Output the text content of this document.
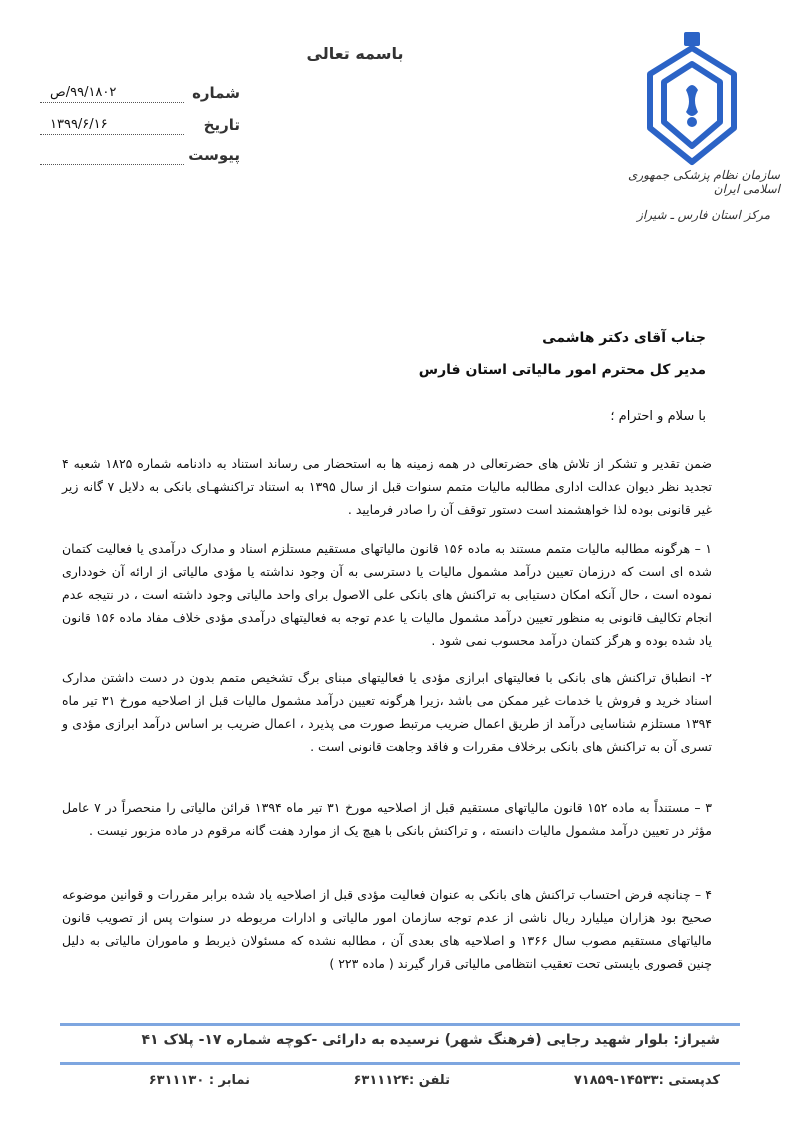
باسمه تعالی
شماره
۹۹/۱۸۰۲/ص
تاریخ
۱۳۹۹/۶/۱۶
پیوست
سازمان نظام پزشکی جمهوری اسلامی ایران
مرکز استان فارس ـ شیراز
جناب آقای دکتر هاشمی
مدیر کل محترم امور مالیاتی استان فارس
با سلام و احترام ؛
ضمن تقدیر و تشکر از تلاش های حضرتعالی در همه زمینه ها به استحضار می رساند استناد به دادنامه شماره ۱۸۲۵ شعبه ۴ تجدید نظر دیوان عدالت اداری مطالبه مالیات متمم سنوات قبل از سال ۱۳۹۵ به استناد تراکنشهـای بانکی به دلایل ۷ گانه زیر غیر قانونی بوده لذا خواهشمند است دستور توقف آن را صادر فرمایید .
۱ – هرگونه مطالبه مالیات متمم مستند به ماده ۱۵۶ قانون مالیاتهای مستقیم مستلزم اسناد و مدارک درآمدی یا فعالیت کتمان شده ای است که درزمان تعیین درآمد مشمول مالیات یا دسترسی به آن وجود نداشته یا مؤدی مالیاتی از ارائه آن خودداری نموده است ، حال آنکه امکان دستیابی به تراکنش های بانکی علی الاصول برای واحد مالیاتی وجود داشته است ، در نتیجه عدم انجام تکالیف قانونی به منظور تعیین درآمد مشمول مالیات یا عدم توجه به فعالیتهای درآمدی مؤدی خلاف مفاد ماده ۱۵۶ قانون یاد شده بوده و هرگز کتمان درآمد محسوب نمی شود .
۲- انطباق تراکنش های بانکی با فعالیتهای ابرازی مؤدی یا فعالیتهای مبنای برگ تشخیص متمم بدون در دست داشتن مدارک اسناد خرید و فروش یا خدمات غیر ممکن می باشد ،زیرا هرگونه تعیین درآمد مشمول مالیات قبل از اصلاحیه مورخ ۳۱ تیر ماه ۱۳۹۴ مستلزم شناسایی درآمد از طریق اعمال ضریب مرتبط صورت می پذیرد ، اعمال ضریب بر اساس درآمد ابرازی مؤدی و تسری آن به تراکنش های بانکی برخلاف مقررات و فاقد وجاهت قانونی است .
۳ – مستنداً به ماده ۱۵۲ قانون مالیاتهای مستقیم قبل از اصلاحیه مورخ ۳۱ تیر ماه ۱۳۹۴ قرائن مالیاتی را منحصراً در ۷ عامل مؤثر در تعیین درآمد مشمول مالیات دانسته ، و تراکنش بانکی با هیچ یک از موارد هفت گانه مرقوم در ماده مزبور نیست .
۴ – چنانچه فرض احتساب تراکنش های بانکی به عنوان فعالیت مؤدی قبل از اصلاحیه یاد شده برابر مقررات و قوانین موضوعه صحیح بود هزاران میلیارد ریال ناشی از عدم توجه سازمان امور مالیاتی و ادارات مربوطه در سنوات پس از تصویب قانون مالیاتهای مستقیم مصوب سال ۱۳۶۶ و اصلاحیه های بعدی آن ، مطالبه نشده که مسئولان ذیربط و ماموران مالیاتی به دلیل چنین قصوری بایستی تحت تعقیب انتظامی مالیاتی قرار گیرند ( ماده ۲۲۳ )
شیراز: بلوار شهید رجایی (فرهنگ شهر) نرسیده به دارائی -کوچه شماره ۱۷- پلاک ۴۱
کدپستی :۱۴۵۳۳-۷۱۸۵۹
تلفن :۶۳۱۱۱۲۴
نمابر : ۶۳۱۱۱۳۰
